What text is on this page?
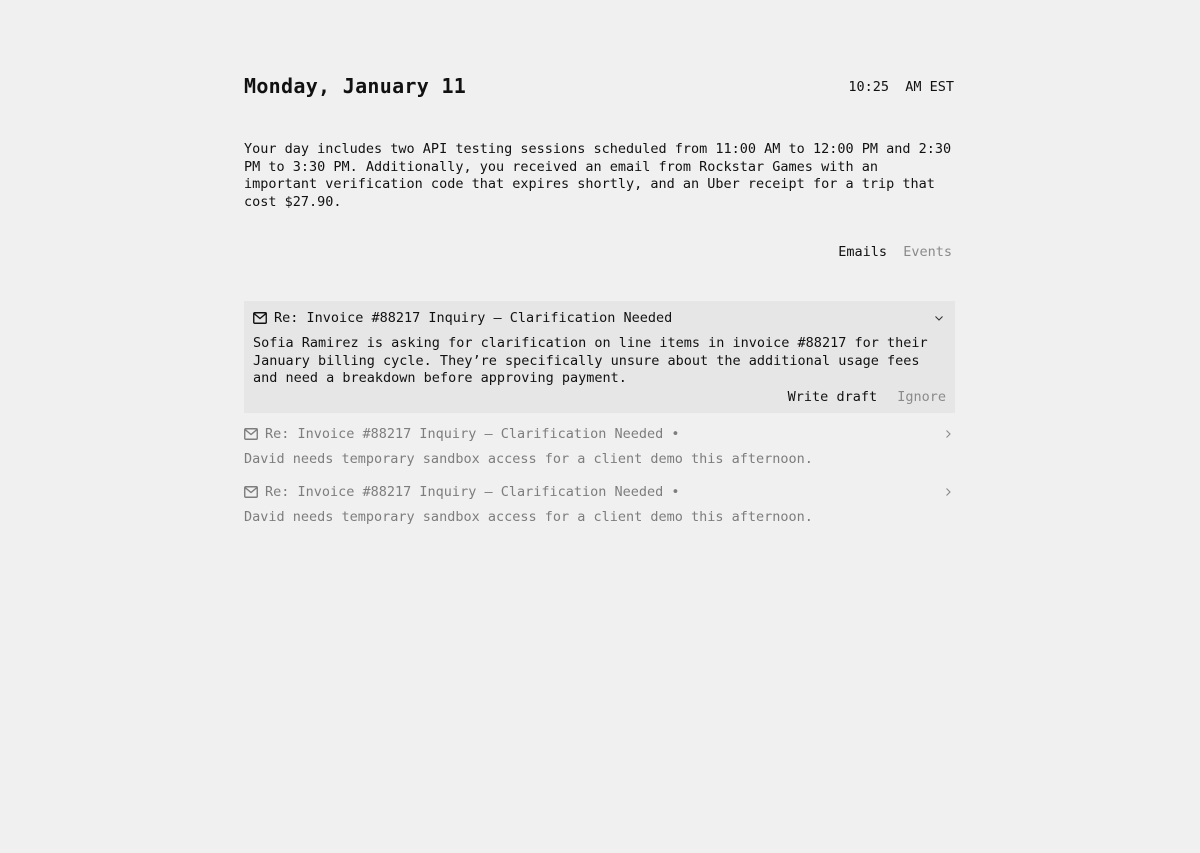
Monday, January 11	10:25  AM EST
Your day includes two API testing sessions scheduled from 11:00 AM to 12:00 PM and 2:30 PM to 3:30 PM. Additionally, you received an email from Rockstar Games with an important verification code that expires shortly, and an Uber receipt for a trip that cost $27.90.
Emails Events
Re: Invoice #88217 Inquiry — Clarification Needed
Sofia Ramirez is asking for clarification on line items in invoice #88217 for their January billing cycle. They’re specifically unsure about the additional usage fees and need a breakdown before approving payment.
Write draft Ignore
Re: Invoice #88217 Inquiry — Clarification Needed •
David needs temporary sandbox access for a client demo this afternoon.
Re: Invoice #88217 Inquiry — Clarification Needed •
David needs temporary sandbox access for a client demo this afternoon.
